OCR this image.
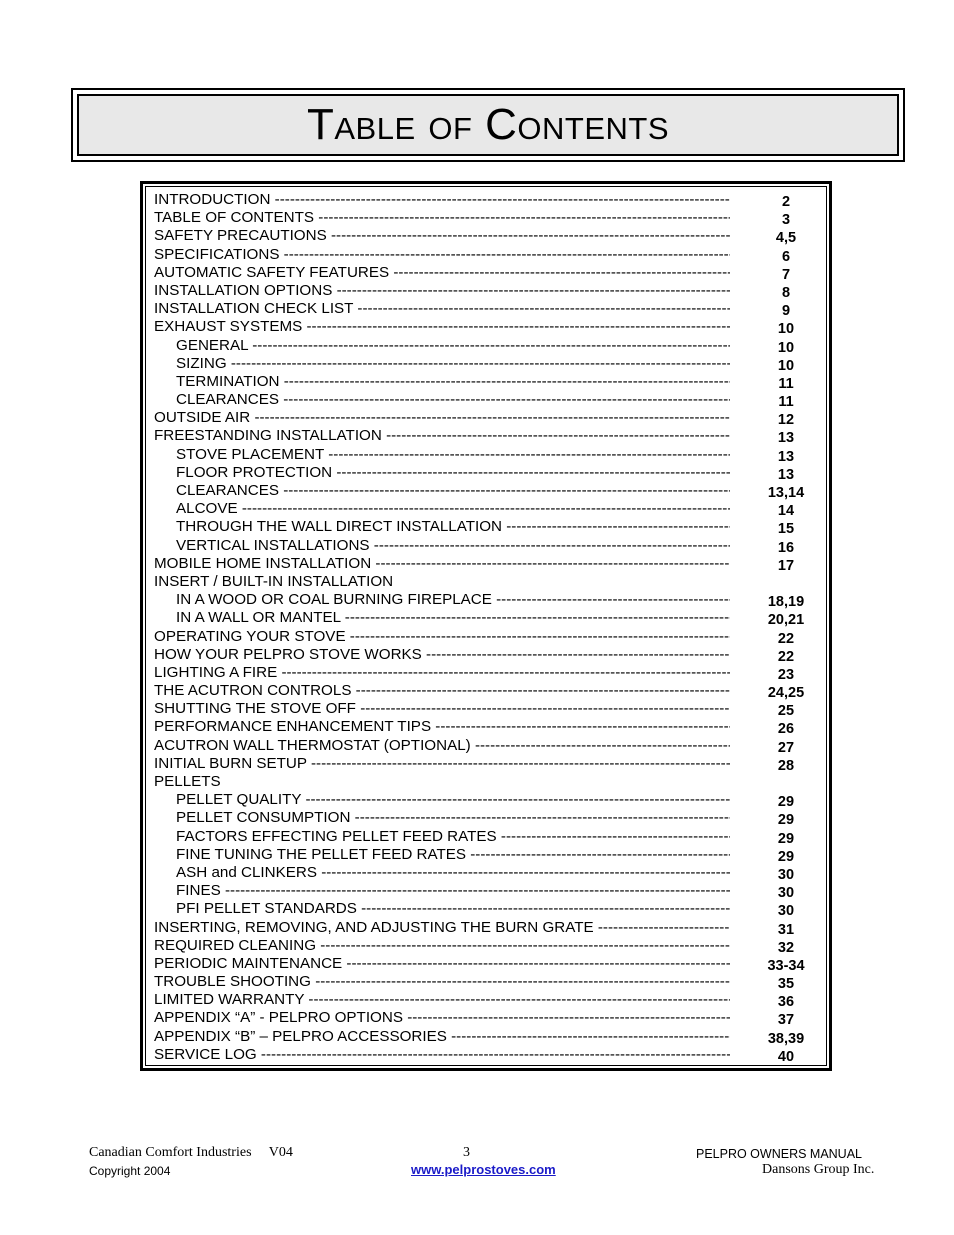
Table of Contents
INTRODUCTION -----	2
TABLE OF CONTENTS -----	3
SAFETY PRECAUTIONS -----	4,5
SPECIFICATIONS -----	6
AUTOMATIC SAFETY FEATURES -----	7
INSTALLATION OPTIONS -----	8
INSTALLATION CHECK LIST -----	9
EXHAUST SYSTEMS -----	10
GENERAL -----	10
SIZING -----	10
TERMINATION -----	11
CLEARANCES -----	11
OUTSIDE AIR -----	12
FREESTANDING INSTALLATION -----	13
STOVE PLACEMENT -----	13
FLOOR PROTECTION -----	13
CLEARANCES -----	13,14
ALCOVE -----	14
THROUGH THE WALL DIRECT INSTALLATION -----	15
VERTICAL INSTALLATIONS -----	16
MOBILE HOME INSTALLATION -----	17
INSERT / BUILT-IN INSTALLATION
IN A WOOD OR COAL BURNING FIREPLACE -----	18,19
IN A WALL OR MANTEL -----	20,21
OPERATING YOUR STOVE -----	22
HOW YOUR PELPRO STOVE WORKS -----	22
LIGHTING A FIRE -----	23
THE ACUTRON CONTROLS -----	24,25
SHUTTING THE STOVE OFF -----	25
PERFORMANCE ENHANCEMENT TIPS -----	26
ACUTRON WALL THERMOSTAT (OPTIONAL) -----	27
INITIAL BURN SETUP -----	28
PELLETS
PELLET QUALITY -----	29
PELLET CONSUMPTION -----	29
FACTORS EFFECTING PELLET FEED RATES -----	29
FINE TUNING THE PELLET FEED RATES -----	29
ASH and CLINKERS -----	30
FINES -----	30
PFI PELLET STANDARDS -----	30
INSERTING, REMOVING, AND ADJUSTING THE BURN GRATE -----	31
REQUIRED CLEANING -----	32
PERIODIC MAINTENANCE -----	33-34
TROUBLE SHOOTING -----	35
LIMITED WARRANTY -----	36
APPENDIX “A” - PELPRO OPTIONS -----	37
APPENDIX “B” – PELPRO ACCESSORIES -----	38,39
SERVICE LOG -----	40
Canadian Comfort Industries V04
Copyright 2004
3
www.pelprostoves.com
PELPRO OWNERS MANUAL
Dansons Group Inc.
